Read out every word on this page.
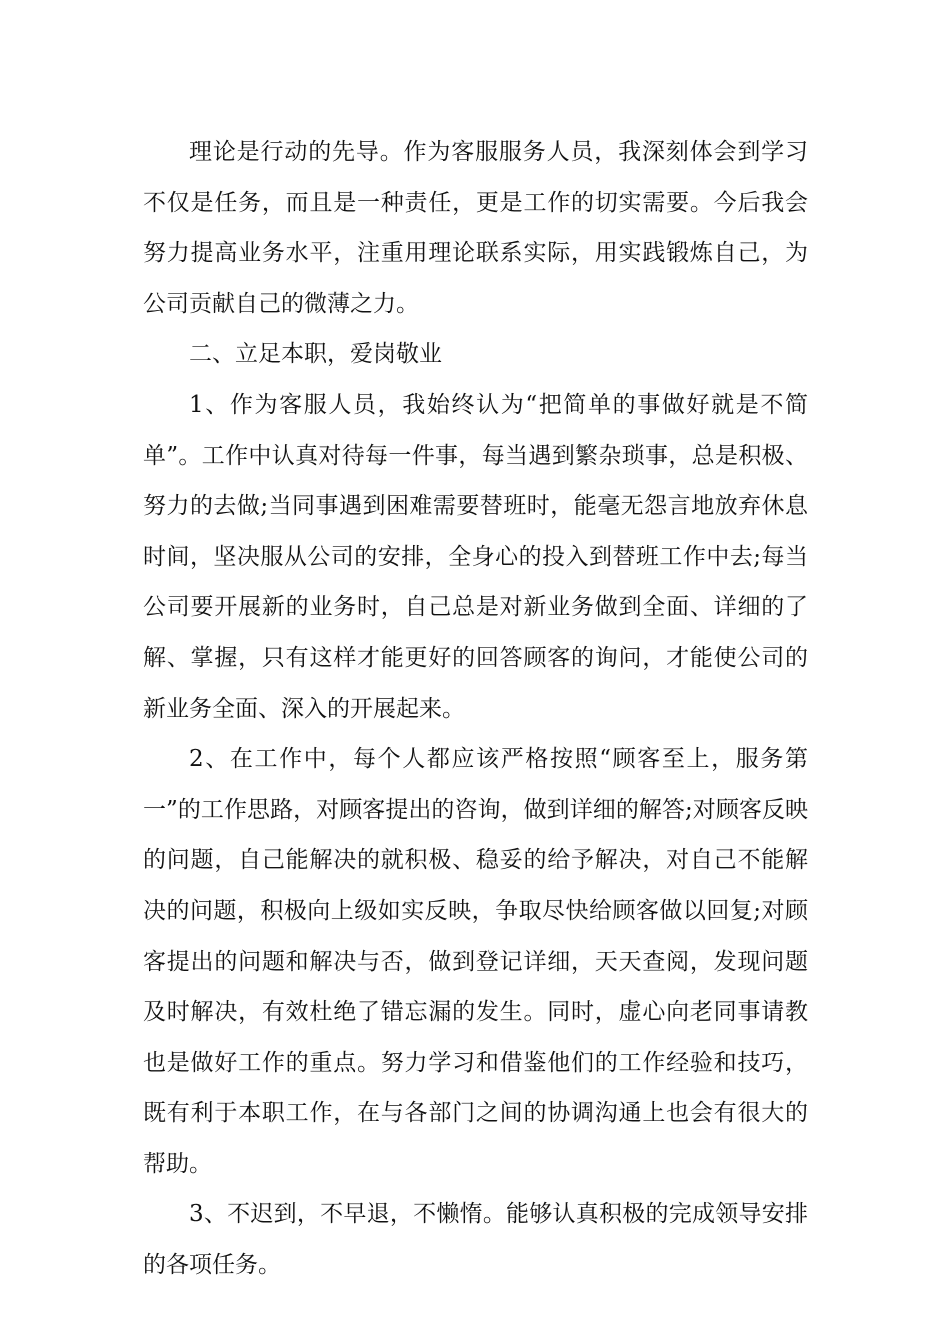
理论是行动的先导。作为客服服务人员，我深刻体会到学习不仅是任务，而且是一种责任，更是工作的切实需要。今后我会努力提高业务水平，注重用理论联系实际，用实践锻炼自己，为公司贡献自己的微薄之力。

二、立足本职，爱岗敬业

1、作为客服人员，我始终认为“把简单的事做好就是不简单”。工作中认真对待每一件事，每当遇到繁杂琐事，总是积极、努力的去做;当同事遇到困难需要替班时，能毫无怨言地放弃休息时间，坚决服从公司的安排，全身心的投入到替班工作中去;每当公司要开展新的业务时，自己总是对新业务做到全面、详细的了解、掌握，只有这样才能更好的回答顾客的询问，才能使公司的新业务全面、深入的开展起来。

2、在工作中，每个人都应该严格按照“顾客至上，服务第一”的工作思路，对顾客提出的咨询，做到详细的解答;对顾客反映的问题，自己能解决的就积极、稳妥的给予解决，对自己不能解决的问题，积极向上级如实反映，争取尽快给顾客做以回复;对顾客提出的问题和解决与否，做到登记详细，天天查阅，发现问题及时解决，有效杜绝了错忘漏的发生。同时，虚心向老同事请教也是做好工作的重点。努力学习和借鉴他们的工作经验和技巧，既有利于本职工作，在与各部门之间的协调沟通上也会有很大的帮助。

3、不迟到，不早退，不懒惰。能够认真积极的完成领导安排的各项任务。
